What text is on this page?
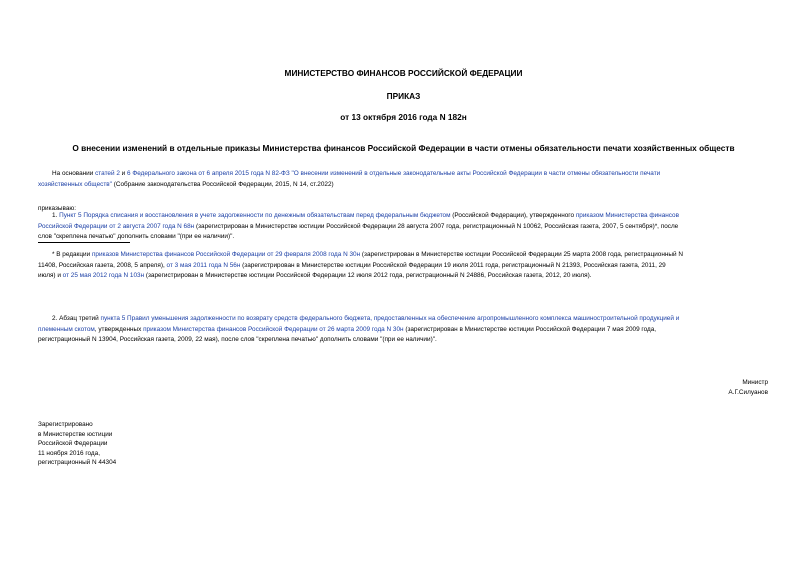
МИНИСТЕРСТВО ФИНАНСОВ РОССИЙСКОЙ ФЕДЕРАЦИИ
ПРИКАЗ
от 13 октября 2016 года N 182н
О внесении изменений в отдельные приказы Министерства финансов Российской Федерации в части отмены обязательности печати хозяйственных обществ
На основании статей 2 и 6 Федерального закона от 6 апреля 2015 года N 82-ФЗ "О внесении изменений в отдельные законодательные акты Российской Федерации в части отмены обязательности печати
хозяйственных обществ" (Собрание законодательства Российской Федерации, 2015, N 14, ст.2022)
приказываю:
1. Пункт 5 Порядка списания и восстановления в учете задолженности по денежным обязательствам перед федеральным бюджетом (Российской Федерации), утвержденного приказом Министерства финансов
Российской Федерации от 2 августа 2007 года N 68н (зарегистрирован в Министерстве юстиции Российской Федерации 28 августа 2007 года, регистрационный N 10062, Российская газета, 2007, 5 сентября)*, после
слов "скреплена печатью" дополнить словами "(при ее наличии)".
* В редакции приказов Министерства финансов Российской Федерации от 29 февраля 2008 года N 30н (зарегистрирован в Министерстве юстиции Российской Федерации 25 марта 2008 года, регистрационный N
11408, Российская газета, 2008, 5 апреля), от 3 мая 2011 года N 56н (зарегистрирован в Министерстве юстиции Российской Федерации 19 июля 2011 года, регистрационный N 21393, Российская газета, 2011, 29
июля) и от 25 мая 2012 года N 103н (зарегистрирован в Министерстве юстиции Российской Федерации 12 июля 2012 года, регистрационный N 24886, Российская газета, 2012, 20 июля).
2. Абзац третий пункта 5 Правил уменьшения задолженности по возврату средств федерального бюджета, предоставленных на обеспечение агропромышленного комплекса машиностроительной продукцией и
племенным скотом, утвержденных приказом Министерства финансов Российской Федерации от 26 марта 2009 года N 30н (зарегистрирован в Министерстве юстиции Российской Федерации 7 мая 2009 года,
регистрационный N 13904, Российская газета, 2009, 22 мая), после слов "скреплена печатью" дополнить словами "(при ее наличии)".
Министр
А.Г.Силуанов
Зарегистрировано
в Министерстве юстиции
Российской Федерации
11 ноября 2016 года,
регистрационный N 44304
